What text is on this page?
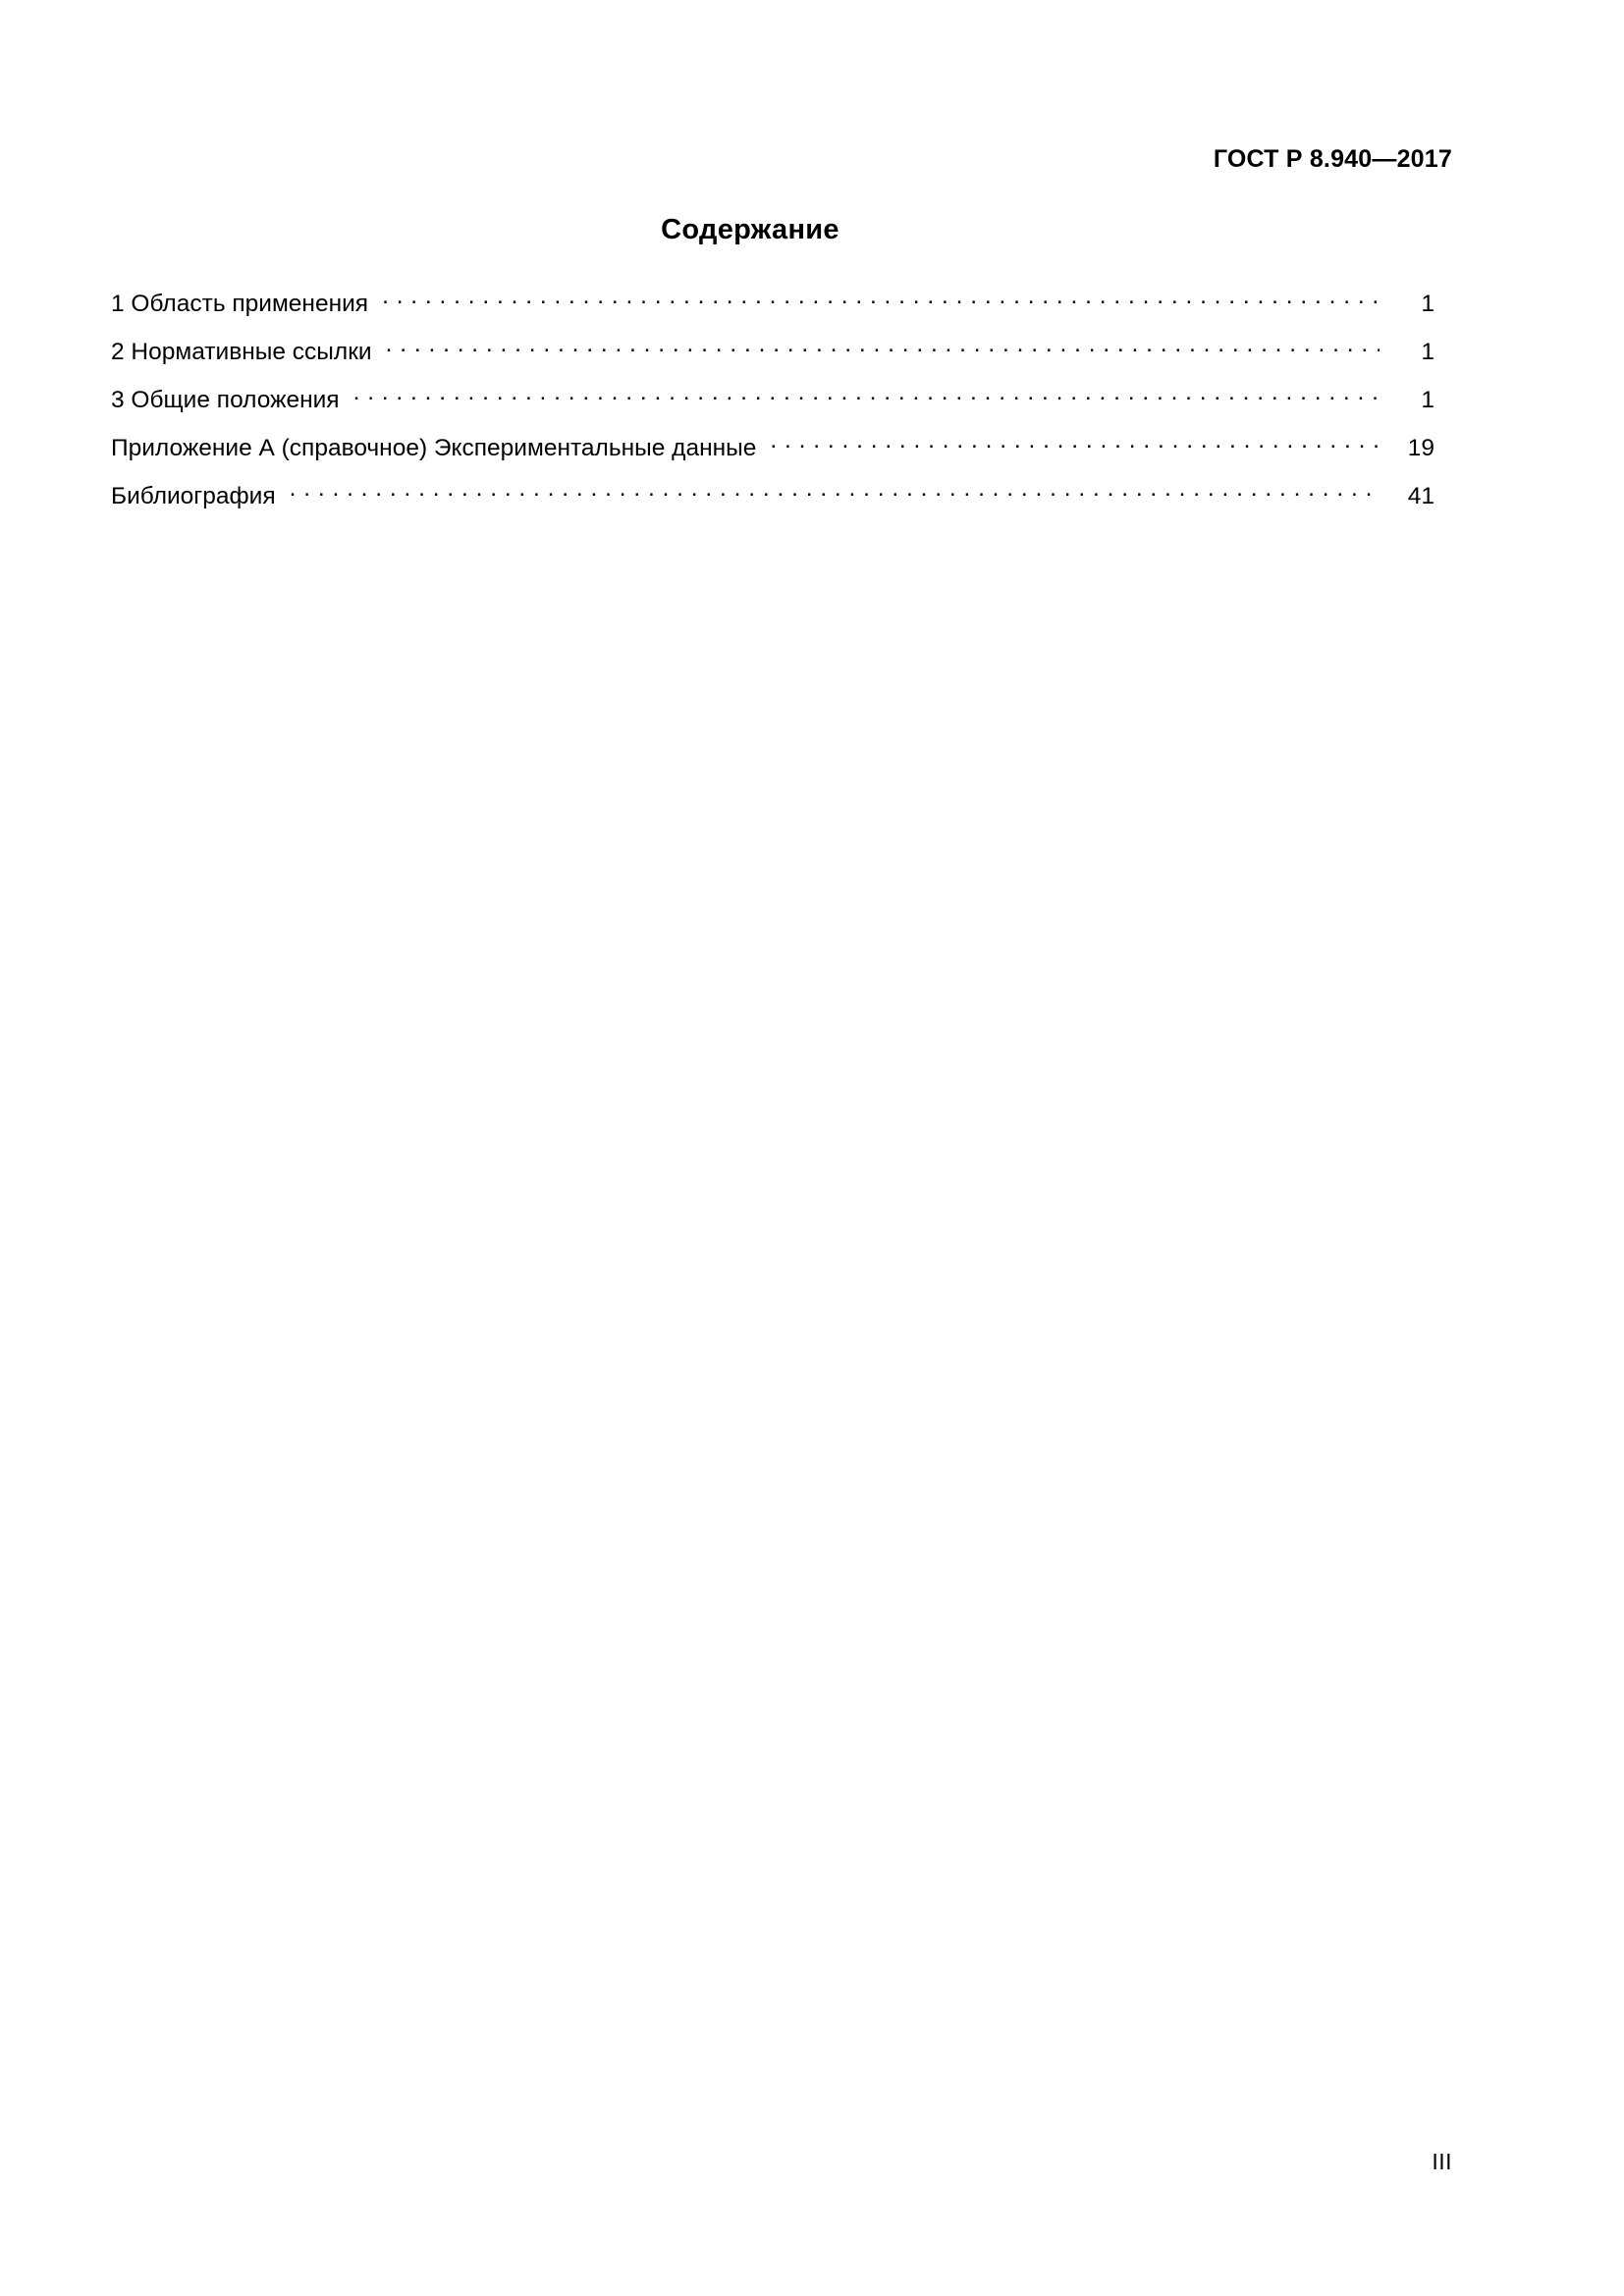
ГОСТ Р 8.940—2017
Содержание
1 Область применения . . .	1
2 Нормативные ссылки . . .	1
3 Общие положения . . .	1
Приложение А (справочное) Экспериментальные данные . . .	19
Библиография . . .	41
III
